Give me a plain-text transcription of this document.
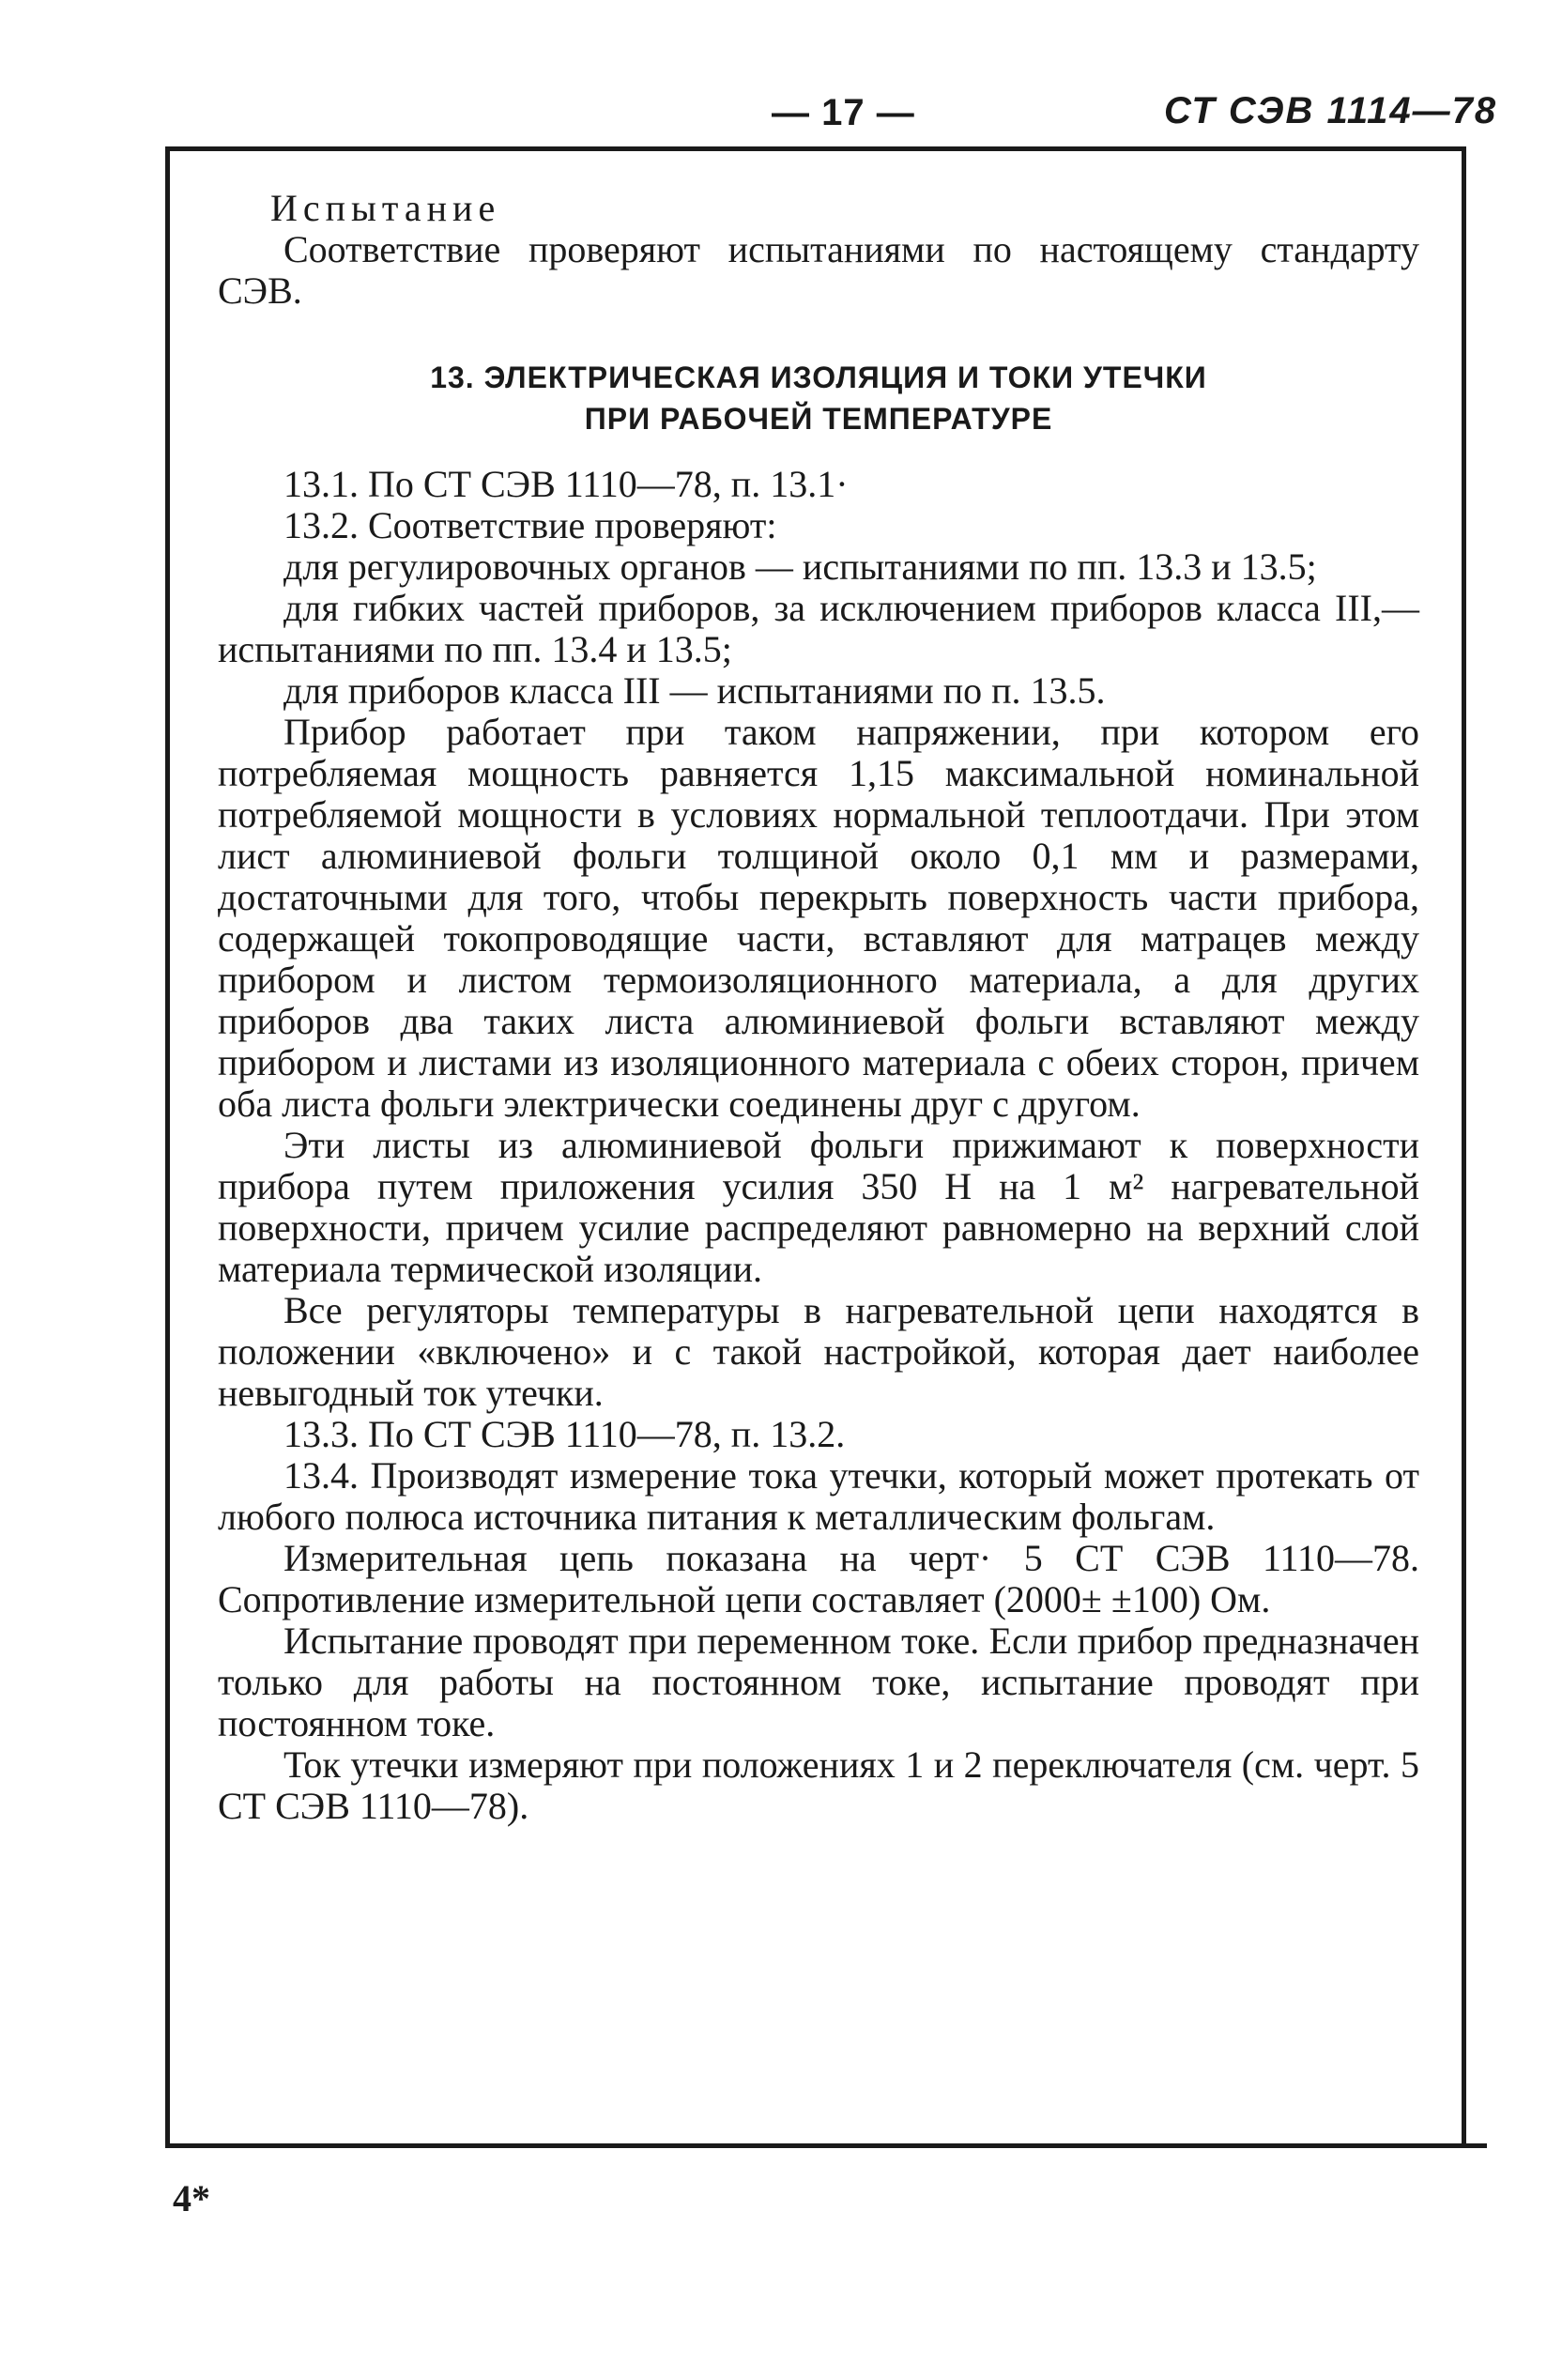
— 17 —	СТ СЭВ 1114—78

Испытание

Соответствие проверяют испытаниями по настоящему стандарту СЭВ.

13. ЭЛЕКТРИЧЕСКАЯ ИЗОЛЯЦИЯ И ТОКИ УТЕЧКИ

ПРИ РАБОЧЕЙ ТЕМПЕРАТУРЕ

13.1. По СТ СЭВ 1110—78, п. 13.1·

13.2. Соответствие проверяют:

для регулировочных органов — испытаниями по пп. 13.3 и 13.5;

для гибких частей приборов, за исключением приборов класса III,—испытаниями по пп. 13.4 и 13.5;

для приборов класса III — испытаниями по п. 13.5.

Прибор работает при таком напряжении, при котором его потребляемая мощность равняется 1,15 максимальной номинальной потребляемой мощности в условиях нормальной теплоотдачи. При этом лист алюминиевой фольги толщиной около 0,1 мм и размерами, достаточными для того, чтобы перекрыть поверхность части прибора, содержащей токопроводящие части, вставляют для матрацев между прибором и листом термоизоляционного материала, а для других приборов два таких листа алюминиевой фольги вставляют между прибором и листами из изоляционного материала с обеих сторон, причем оба листа фольги электрически соединены друг с другом.

Эти листы из алюминиевой фольги прижимают к поверхности прибора путем приложения усилия 350 Н на 1 м² нагревательной поверхности, причем усилие распределяют равномерно на верхний слой материала термической изоляции.

Все регуляторы температуры в нагревательной цепи находятся в положении «включено» и с такой настройкой, которая дает наиболее невыгодный ток утечки.

13.3. По СТ СЭВ 1110—78, п. 13.2.

13.4. Производят измерение тока утечки, который может протекать от любого полюса источника питания к металлическим фольгам.

Измерительная цепь показана на черт· 5 СТ СЭВ 1110—78. Сопротивление измерительной цепи составляет (2000± ±100) Ом.

Испытание проводят при переменном токе. Если прибор предназначен только для работы на постоянном токе, испытание проводят при постоянном токе.

Ток утечки измеряют при положениях 1 и 2 переключателя (см. черт. 5 СТ СЭВ 1110—78).

4*
